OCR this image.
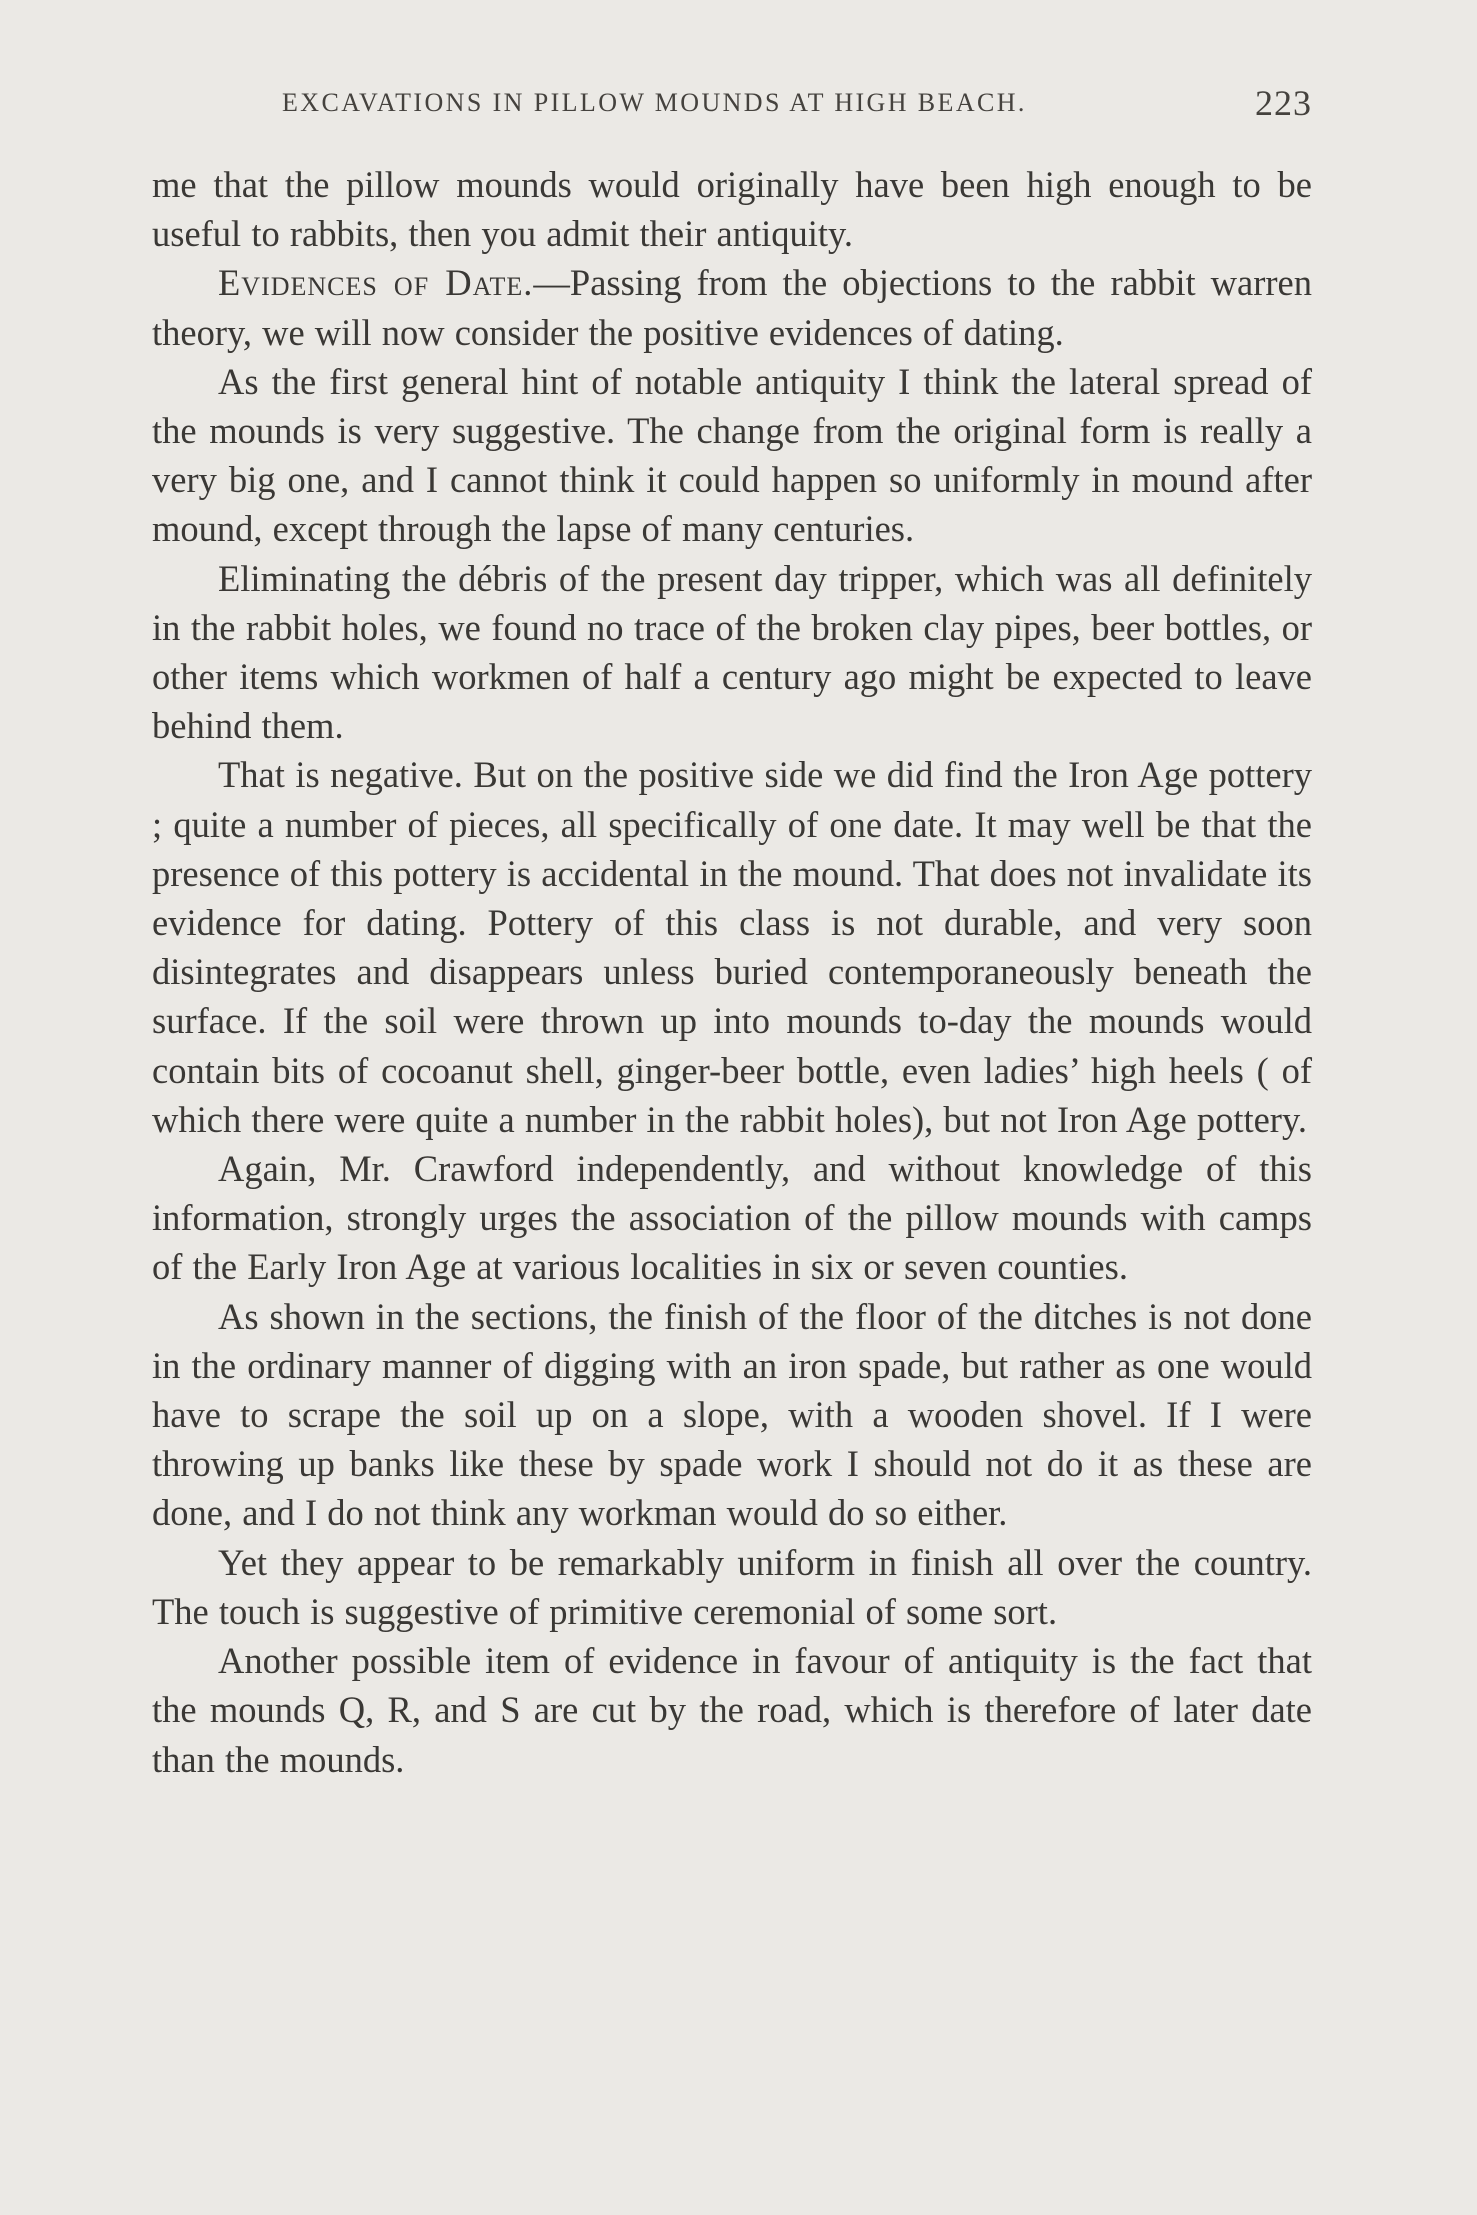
EXCAVATIONS IN PILLOW MOUNDS AT HIGH BEACH.	223

me that the pillow mounds would originally have been high enough to be useful to rabbits, then you admit their antiquity.

Evidences of Date.—Passing from the objections to the rabbit warren theory, we will now consider the positive evidences of dating.

As the first general hint of notable antiquity I think the lateral spread of the mounds is very suggestive. The change from the original form is really a very big one, and I cannot think it could happen so uniformly in mound after mound, except through the lapse of many centuries.

Eliminating the débris of the present day tripper, which was all definitely in the rabbit holes, we found no trace of the broken clay pipes, beer bottles, or other items which workmen of half a century ago might be expected to leave behind them.

That is negative. But on the positive side we did find the Iron Age pottery ; quite a number of pieces, all specifically of one date. It may well be that the presence of this pottery is accidental in the mound. That does not invalidate its evidence for dating. Pottery of this class is not durable, and very soon disintegrates and disappears unless buried contemporaneously beneath the surface. If the soil were thrown up into mounds to-day the mounds would contain bits of cocoanut shell, ginger-beer bottle, even ladies’ high heels ( of which there were quite a number in the rabbit holes), but not Iron Age pottery.

Again, Mr. Crawford independently, and without knowledge of this information, strongly urges the association of the pillow mounds with camps of the Early Iron Age at various localities in six or seven counties.

As shown in the sections, the finish of the floor of the ditches is not done in the ordinary manner of digging with an iron spade, but rather as one would have to scrape the soil up on a slope, with a wooden shovel. If I were throwing up banks like these by spade work I should not do it as these are done, and I do not think any workman would do so either.

Yet they appear to be remarkably uniform in finish all over the country. The touch is suggestive of primitive ceremonial of some sort.

Another possible item of evidence in favour of antiquity is the fact that the mounds Q, R, and S are cut by the road, which is therefore of later date than the mounds.
